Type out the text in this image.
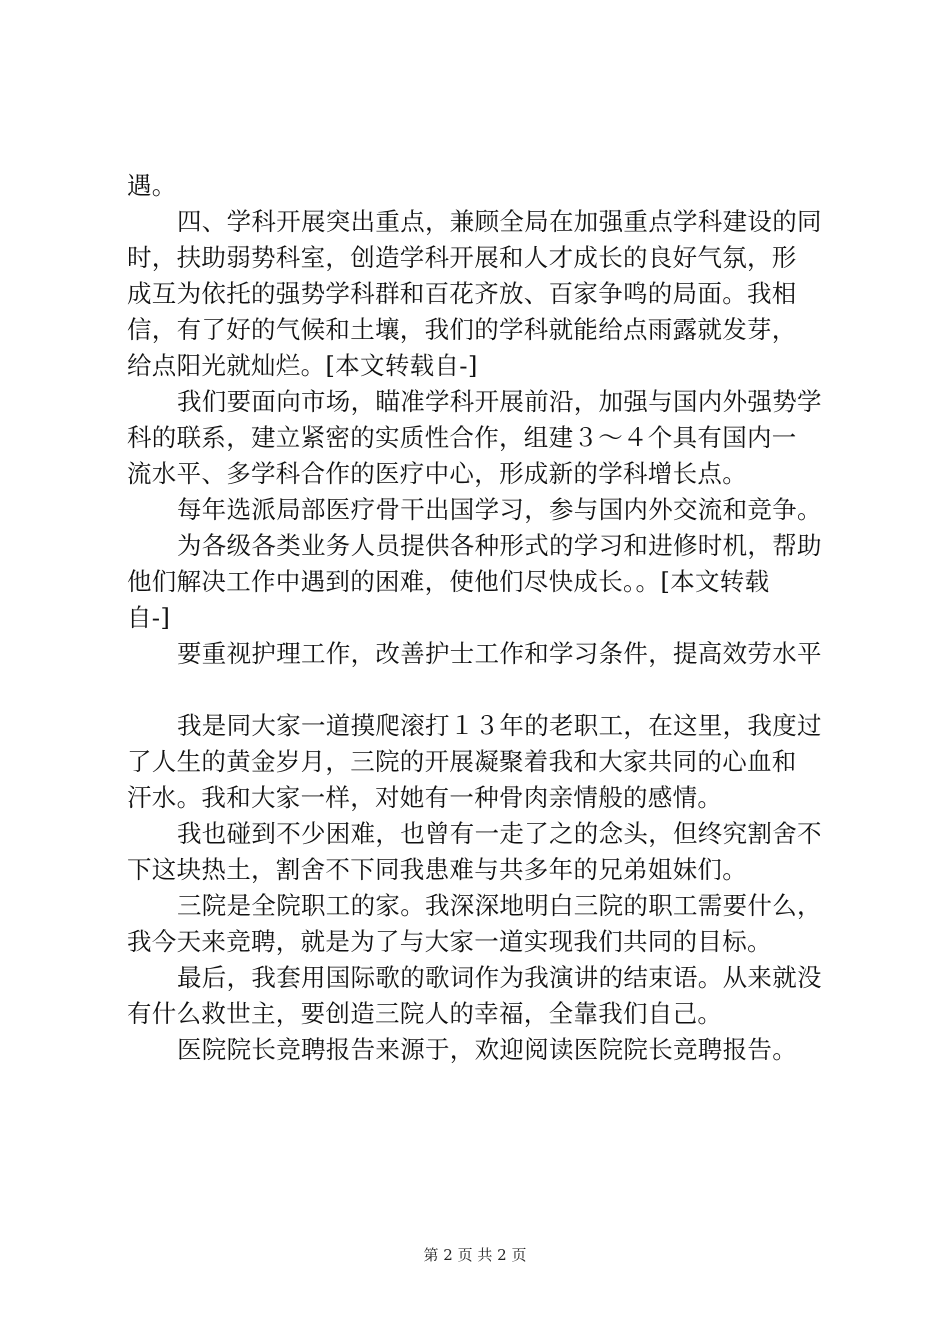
遇。
四、学科开展突出重点，兼顾全局在加强重点学科建设的同
时，扶助弱势科室，创造学科开展和人才成长的良好气氛，形
成互为依托的强势学科群和百花齐放、百家争鸣的局面。我相
信，有了好的气候和土壤，我们的学科就能给点雨露就发芽，
给点阳光就灿烂。[本文转载自-]
我们要面向市场，瞄准学科开展前沿，加强与国内外强势学
科的联系，建立紧密的实质性合作，组建３～４个具有国内一
流水平、多学科合作的医疗中心，形成新的学科增长点。
每年选派局部医疗骨干出国学习，参与国内外交流和竞争。
为各级各类业务人员提供各种形式的学习和进修时机，帮助
他们解决工作中遇到的困难，使他们尽快成长。。[本文转载
自-]
要重视护理工作，改善护士工作和学习条件，提高效劳水平
我是同大家一道摸爬滚打１３年的老职工，在这里，我度过
了人生的黄金岁月，三院的开展凝聚着我和大家共同的心血和
汗水。我和大家一样，对她有一种骨肉亲情般的感情。
我也碰到不少困难，也曾有一走了之的念头，但终究割舍不
下这块热土，割舍不下同我患难与共多年的兄弟姐妹们。
三院是全院职工的家。我深深地明白三院的职工需要什么，
我今天来竞聘，就是为了与大家一道实现我们共同的目标。
最后，我套用国际歌的歌词作为我演讲的结束语。从来就没
有什么救世主，要创造三院人的幸福，全靠我们自己。
医院院长竞聘报告来源于，欢迎阅读医院院长竞聘报告。
第 2 页 共 2 页
